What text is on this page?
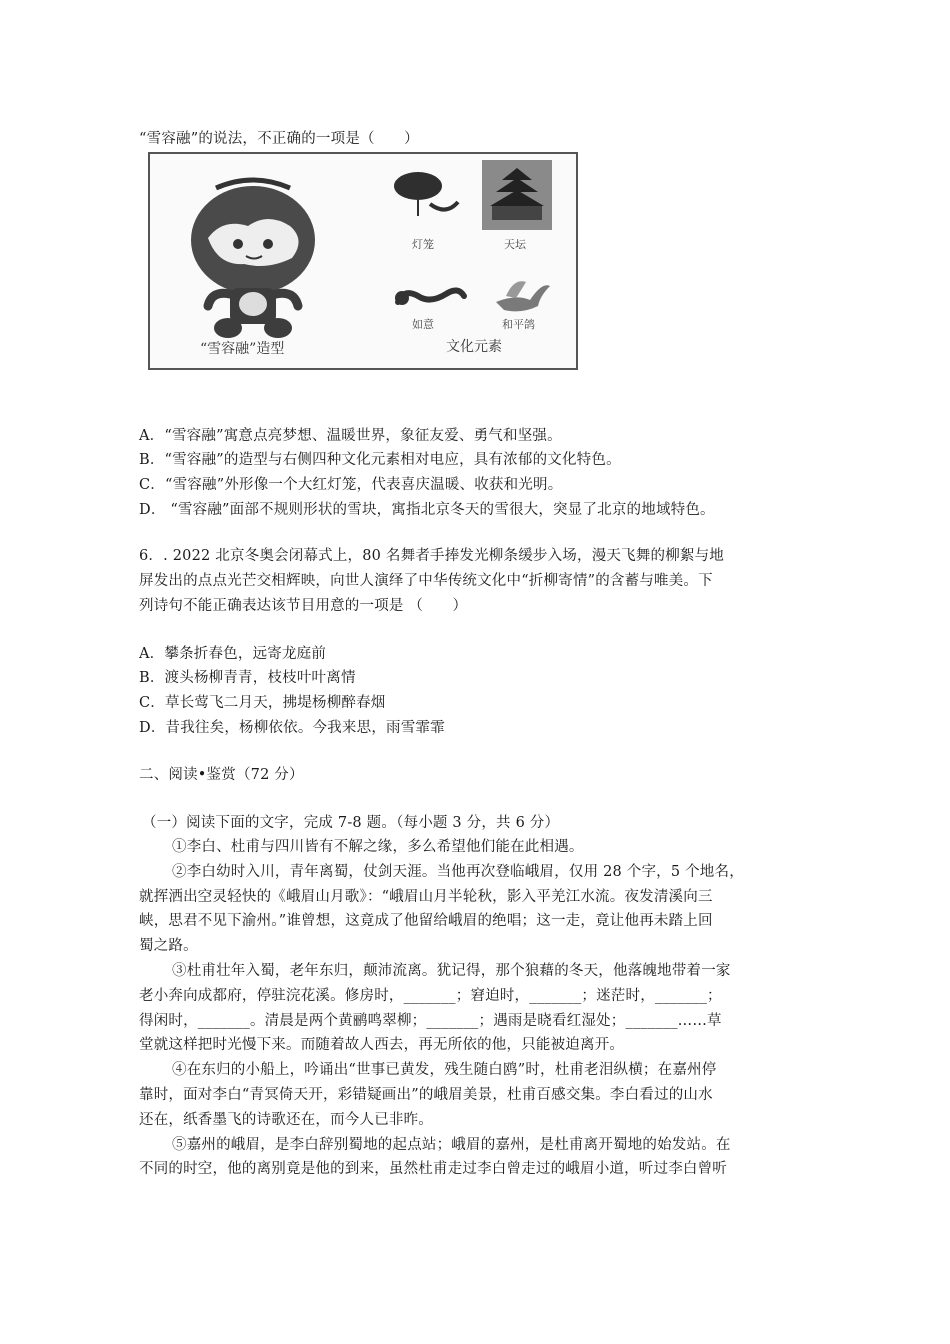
“雪容融”的说法，不正确的一项是（　　）
灯笼	天坛
如意	和平鸽
“雪容融”造型	文化元素
A．“雪容融”寓意点亮梦想、温暖世界，象征友爱、勇气和坚强。
B．“雪容融”的造型与右侧四种文化元素相对电应，具有浓郁的文化特色。
C．“雪容融”外形像一个大红灯笼，代表喜庆温暖、收获和光明。
D． “雪容融”面部不规则形状的雪块，寓指北京冬天的雪很大，突显了北京的地域特色。
6．. 2022 北京冬奥会闭幕式上，80 名舞者手捧发光柳条缓步入场，漫天飞舞的柳絮与地
屏发出的点点光芒交相辉映，向世人演绎了中华传统文化中“折柳寄情”的含蓄与唯美。下
列诗句不能正确表达该节目用意的一项是 （　　）
A．攀条折春色，远寄龙庭前
B．渡头杨柳青青，枝枝叶叶离情
C．草长莺飞二月天，拂堤杨柳醉春烟
D．昔我往矣，杨柳依依。今我来思，雨雪霏霏
二、阅读•鉴赏（72 分）
（一）阅读下面的文字，完成 7-8 题。（每小题 3 分，共 6 分）
①李白、杜甫与四川皆有不解之缘，多么希望他们能在此相遇。
②李白幼时入川，青年离蜀，仗剑天涯。当他再次登临峨眉，仅用 28 个字，5 个地名，
就挥洒出空灵轻快的《峨眉山月歌》：“峨眉山月半轮秋，影入平羌江水流。夜发清溪向三
峡，思君不见下渝州。”谁曾想，这竟成了他留给峨眉的绝唱；这一走，竟让他再未踏上回
蜀之路。
③杜甫壮年入蜀，老年东归，颠沛流离。犹记得，那个狼藉的冬天，他落魄地带着一家
老小奔向成都府，停驻浣花溪。修房时，_______；窘迫时，_______；迷茫时，_______；
得闲时，_______。清晨是两个黄鹂鸣翠柳；_______；遇雨是晓看红湿处；_______……草
堂就这样把时光慢下来。而随着故人西去，再无所依的他，只能被迫离开。
④在东归的小船上，吟诵出“世事已黄发，残生随白鸥”时，杜甫老泪纵横；在嘉州停
靠时，面对李白“青冥倚天开，彩错疑画出”的峨眉美景，杜甫百感交集。李白看过的山水
还在，纸香墨飞的诗歌还在，而今人已非昨。
⑤嘉州的峨眉，是李白辞别蜀地的起点站；峨眉的嘉州，是杜甫离开蜀地的始发站。在
不同的时空，他的离别竟是他的到来，虽然杜甫走过李白曾走过的峨眉小道，听过李白曾听
